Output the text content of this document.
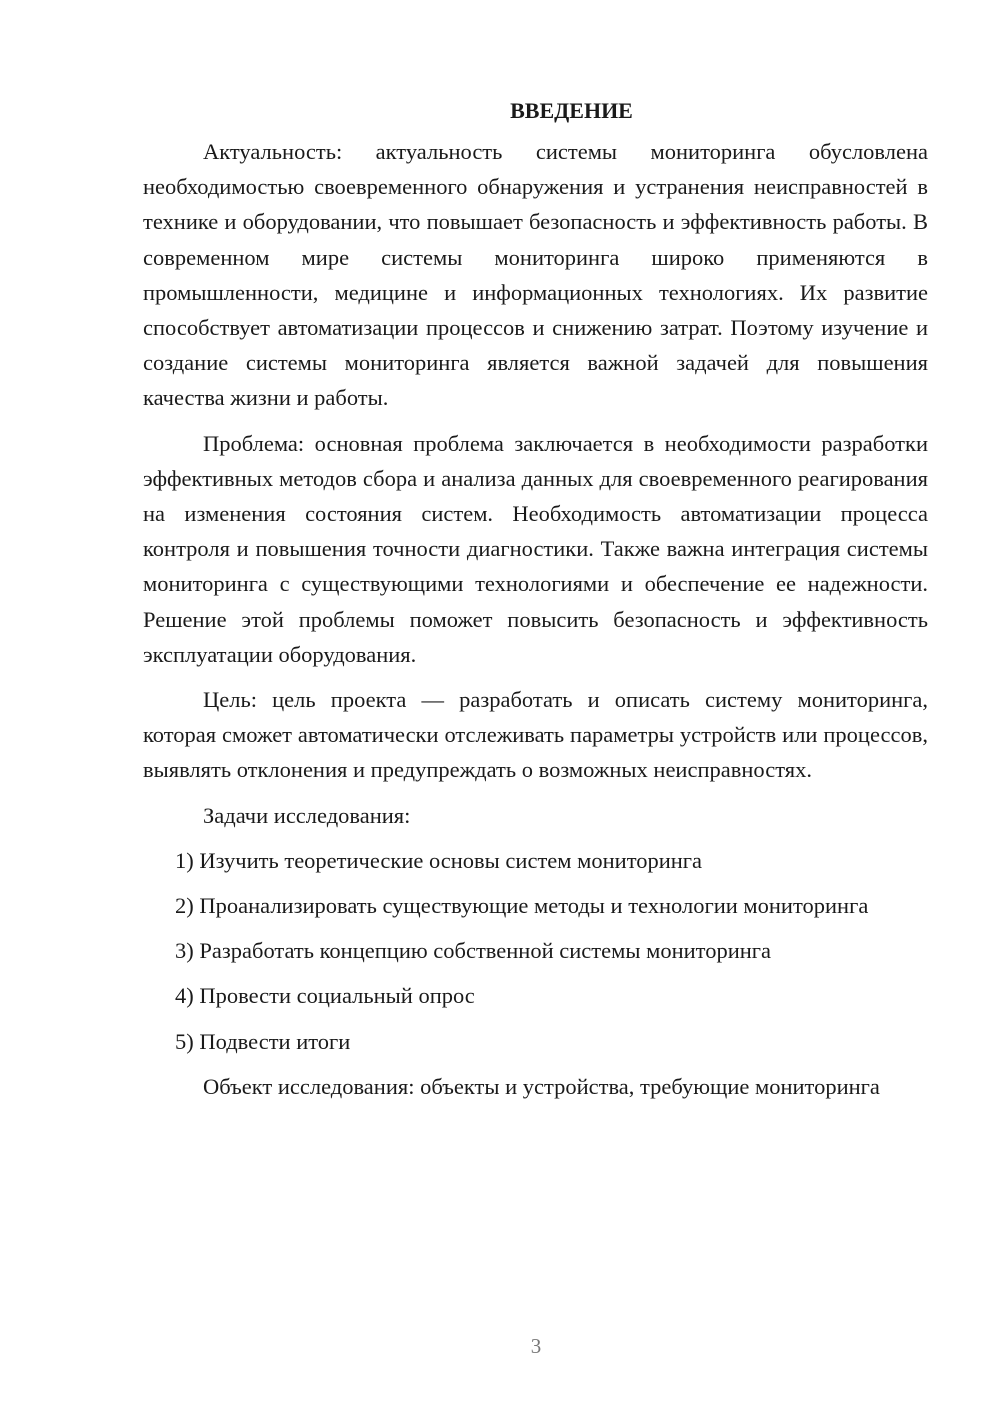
ВВЕДЕНИЕ

Актуальность: актуальность системы мониторинга обусловлена необходимостью своевременного обнаружения и устранения неисправностей в технике и оборудовании, что повышает безопасность и эффективность работы. В современном мире системы мониторинга широко применяются в промышленности, медицине и информационных технологиях. Их развитие способствует автоматизации процессов и снижению затрат. Поэтому изучение и создание системы мониторинга является важной задачей для повышения качества жизни и работы.

Проблема: основная проблема заключается в необходимости разработки эффективных методов сбора и анализа данных для своевременного реагирования на изменения состояния систем. Необходимость автоматизации процесса контроля и повышения точности диагностики. Также важна интеграция системы мониторинга с существующими технологиями и обеспечение ее надежности. Решение этой проблемы поможет повысить безопасность и эффективность эксплуатации оборудования.

Цель: цель проекта — разработать и описать систему мониторинга, которая сможет автоматически отслеживать параметры устройств или процессов, выявлять отклонения и предупреждать о возможных неисправностях.

Задачи исследования:

1) Изучить теоретические основы систем мониторинга

2) Проанализировать существующие методы и технологии мониторинга

3) Разработать концепцию собственной системы мониторинга

4) Провести социальный опрос

5) Подвести итоги

Объект исследования: объекты и устройства, требующие мониторинга

3
